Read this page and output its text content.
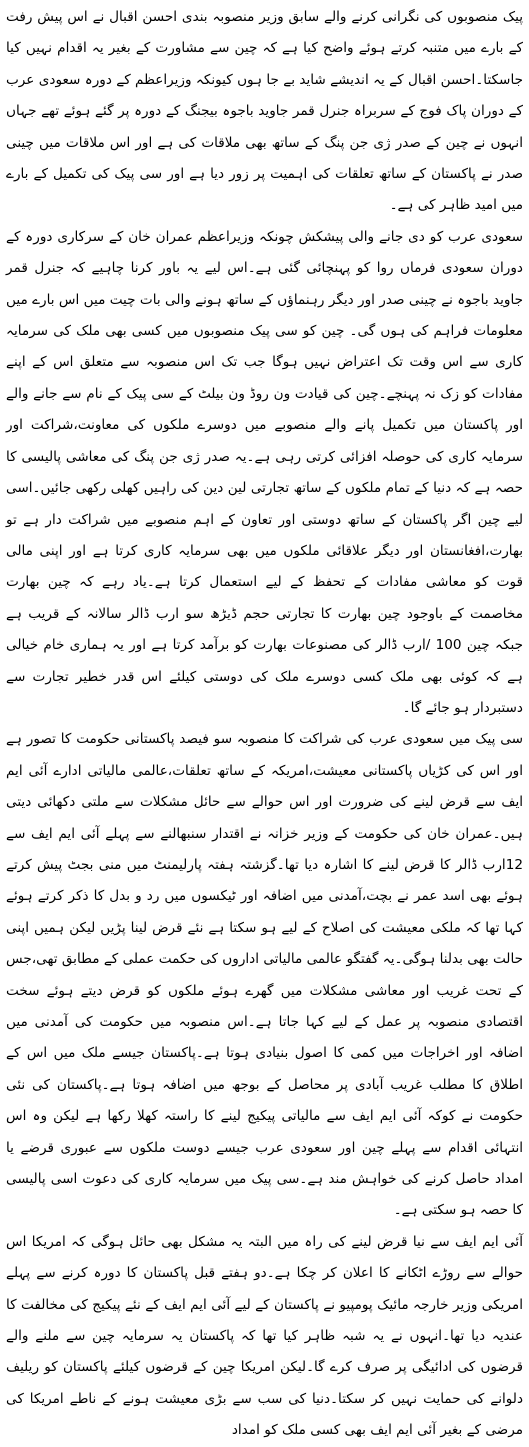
پیک منصوبوں کی نگرانی کرنے والے سابق وزیر منصوبہ بندی احسن اقبال نے اس پیش رفت کے بارے میں متنبہ کرتے ہوئے واضح کیا ہے کہ چین سے مشاورت کے بغیر یہ اقدام نہیں کیا جاسکتا۔احسن اقبال کے یہ اندیشے شاید بے جا ہوں کیونکہ وزیراعظم کے دورہ سعودی عرب کے دوران پاک فوج کے سربراہ جنرل قمر جاوید باجوہ بیجنگ کے دورہ پر گئے ہوئے تھے جہاں انہوں نے چین کے صدر ژی جن پنگ کے ساتھ بھی ملاقات کی ہے اور اس ملاقات میں چینی صدر نے پاکستان کے ساتھ تعلقات کی اہمیت پر زور دیا ہے اور سی پیک کی تکمیل کے بارے میں امید ظاہر کی ہے۔

سعودی عرب کو دی جانے والی پیشکش چونکہ وزیراعظم عمران خان کے سرکاری دورہ کے دوران سعودی فرماں روا کو پہنچائی گئی ہے۔اس لیے یہ باور کرنا چاہیے کہ جنرل قمر جاوید باجوہ نے چینی صدر اور دیگر رہنماؤں کے ساتھ ہونے والی بات چیت میں اس بارے میں معلومات فراہم کی ہوں گی۔ چین کو سی پیک منصوبوں میں کسی بھی ملک کی سرمایہ کاری سے اس وقت تک اعتراض نہیں ہوگا جب تک اس منصوبہ سے متعلق اس کے اپنے مفادات کو زک نہ پہنچے۔چین کی قیادت ون روڈ ون بیلٹ کے سی پیک کے نام سے جانے والے اور پاکستان میں تکمیل پانے والے منصوبے میں دوسرے ملکوں کی معاونت،شراکت اور سرمایہ کاری کی حوصلہ افزائی کرتی رہی ہے۔یہ صدر ژی جن پنگ کی معاشی پالیسی کا حصہ ہے کہ دنیا کے تمام ملکوں کے ساتھ تجارتی لین دین کی راہیں کھلی رکھی جائیں۔اسی لیے چین اگر پاکستان کے ساتھ دوستی اور تعاون کے اہم منصوبے میں شراکت دار ہے تو بھارت،افغانستان اور دیگر علاقائی ملکوں میں بھی سرمایہ کاری کرتا ہے اور اپنی مالی قوت کو معاشی مفادات کے تحفظ کے لیے استعمال کرتا ہے۔یاد رہے کہ چین بھارت مخاصمت کے باوجود چین بھارت کا تجارتی حجم ڈیڑھ سو ارب ڈالر سالانہ کے قریب ہے جبکہ چین 100 /ارب ڈالر کی مصنوعات بھارت کو برآمد کرتا ہے اور یہ ہماری خام خیالی ہے کہ کوئی بھی ملک کسی دوسرے ملک کی دوستی کیلئے اس قدر خطیر تجارت سے دستبردار ہو جائے گا۔

سی پیک میں سعودی عرب کی شراکت کا منصوبہ سو فیصد پاکستانی حکومت کا تصور ہے اور اس کی کڑیاں پاکستانی معیشت،امریکہ کے ساتھ تعلقات،عالمی مالیاتی ادارے آئی ایم ایف سے قرض لینے کی ضرورت اور اس حوالے سے حائل مشکلات سے ملتی دکھائی دیتی ہیں۔عمران خان کی حکومت کے وزیر خزانہ نے اقتدار سنبھالنے سے پہلے آئی ایم ایف سے 12ارب ڈالر کا قرض لینے کا اشارہ دیا تھا۔گزشتہ ہفتہ پارلیمنٹ میں منی بجٹ پیش کرتے ہوئے بھی اسد عمر نے بچت،آمدنی میں اضافہ اور ٹیکسوں میں رد و بدل کا ذکر کرتے ہوئے کہا تھا کہ ملکی معیشت کی اصلاح کے لیے ہو سکتا ہے نئے قرض لینا پڑیں لیکن ہمیں اپنی حالت بھی بدلنا ہوگی۔یہ گفتگو عالمی مالیاتی اداروں کی حکمت عملی کے مطابق تھی،جس کے تحت غریب اور معاشی مشکلات میں گھرے ہوئے ملکوں کو قرض دیتے ہوئے سخت اقتصادی منصوبہ پر عمل کے لیے کہا جاتا ہے۔اس منصوبہ میں حکومت کی آمدنی میں اضافہ اور اخراجات میں کمی کا اصول بنیادی ہوتا ہے۔پاکستان جیسے ملک میں اس کے اطلاق کا مطلب غریب آبادی پر محاصل کے بوجھ میں اضافہ ہوتا ہے۔پاکستان کی نئی حکومت نے کوکہ آئی ایم ایف سے مالیاتی پیکیج لینے کا راستہ کھلا رکھا ہے لیکن وہ اس انتہائی اقدام سے پہلے چین اور سعودی عرب جیسے دوست ملکوں سے عبوری قرضے یا امداد حاصل کرنے کی خواہش مند ہے۔سی پیک میں سرمایہ کاری کی دعوت اسی پالیسی کا حصہ ہو سکتی ہے۔

آئی ایم ایف سے نیا قرض لینے کی راہ میں البتہ یہ مشکل بھی حائل ہوگی کہ امریکا اس حوالے سے روڑے اٹکانے کا اعلان کر چکا ہے۔دو ہفتے قبل پاکستان کا دورہ کرنے سے پہلے امریکی وزیر خارجہ مائیک پومپیو نے پاکستان کے لیے آئی ایم ایف کے نئے پیکیج کی مخالفت کا عندیہ دیا تھا۔انہوں نے یہ شبہ ظاہر کیا تھا کہ پاکستان یہ سرمایہ چین سے ملنے والے قرضوں کی ادائیگی پر صرف کرے گا۔لیکن امریکا چین کے قرضوں کیلئے پاکستان کو ریلیف دلوانے کی حمایت نہیں کر سکتا۔دنیا کی سب سے بڑی معیشت ہونے کے ناطے امریکا کی مرضی کے بغیر آئی ایم ایف بھی کسی ملک کو امداد
